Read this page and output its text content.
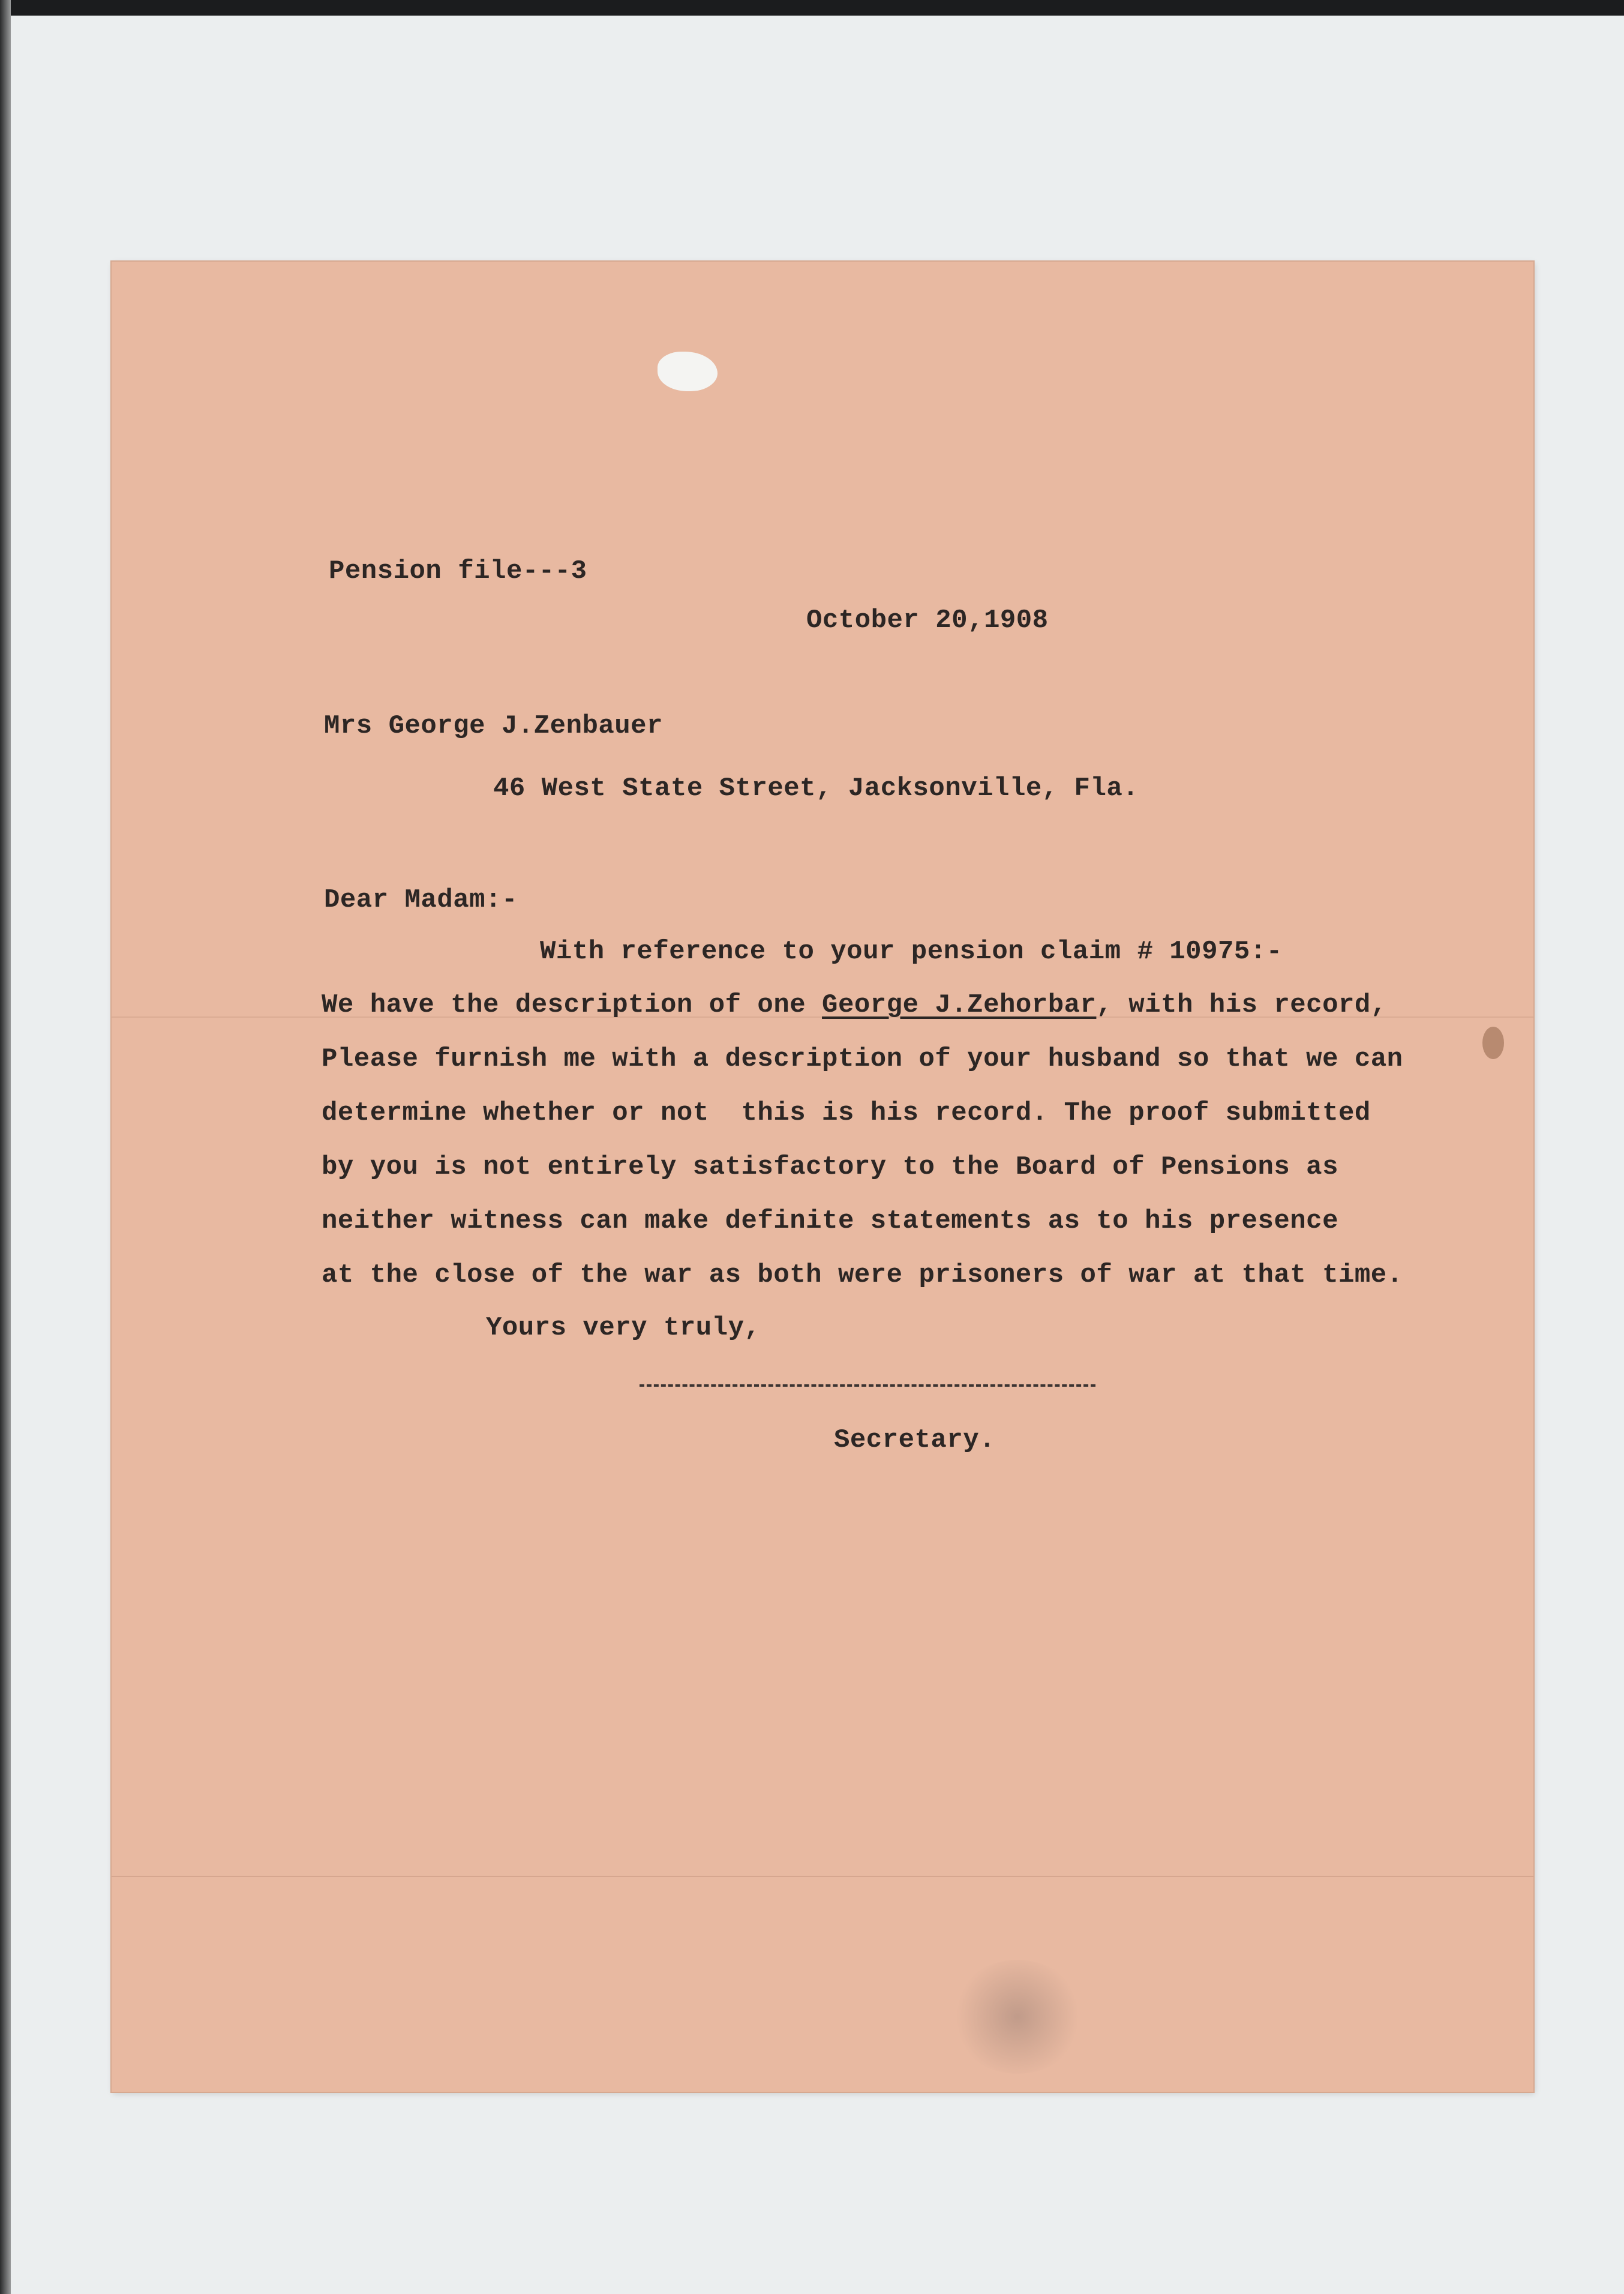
Pension file---3
October 20,1908
Mrs George J.Zenbauer
46 West State Street, Jacksonville, Fla.
Dear Madam:-
With reference to your pension claim # 10975:-
We have the description of one George J.Zehorbar, with his record,
Please furnish me with a description of your husband so that we can
determine whether or not  this is his record. The proof submitted
by you is not entirely satisfactory to the Board of Pensions as
neither witness can make definite statements as to his presence
at the close of the war as both were prisoners of war at that time.
Yours very truly,
Secretary.
